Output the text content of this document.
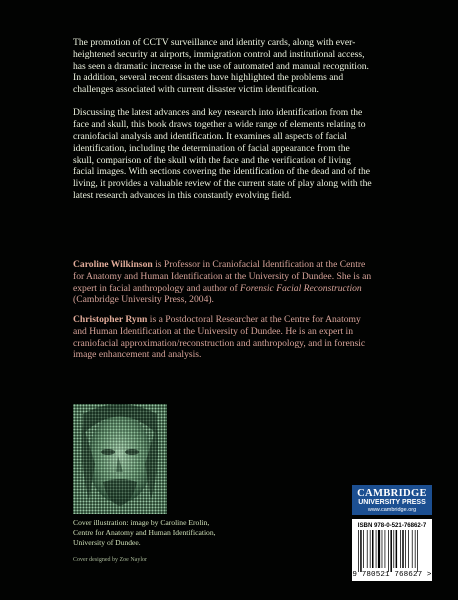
The promotion of CCTV surveillance and identity cards, along with ever-heightened security at airports, immigration control and institutional access, has seen a dramatic increase in the use of automated and manual recognition. In addition, several recent disasters have highlighted the problems and challenges associated with current disaster victim identification.

Discussing the latest advances and key research into identification from the face and skull, this book draws together a wide range of elements relating to craniofacial analysis and identification. It examines all aspects of facial identification, including the determination of facial appearance from the skull, comparison of the skull with the face and the verification of living facial images. With sections covering the identification of the dead and of the living, it provides a valuable review of the current state of play along with the latest research advances in this constantly evolving field.

Caroline Wilkinson is Professor in Craniofacial Identification at the Centre for Anatomy and Human Identification at the University of Dundee. She is an expert in facial anthropology and author of Forensic Facial Reconstruction (Cambridge University Press, 2004).
Christopher Rynn is a Postdoctoral Researcher at the Centre for Anatomy and Human Identification at the University of Dundee. He is an expert in craniofacial approximation/reconstruction and anthropology, and in forensic image enhancement and analysis.
Cover illustration: image by Caroline Erolin,
Centre for Anatomy and Human Identification,
University of Dundee.
Cover designed by Zoe Naylor
CAMBRIDGE
UNIVERSITY PRESS
www.cambridge.org
ISBN 978-0-521-76862-7
9 780521 768627 >
